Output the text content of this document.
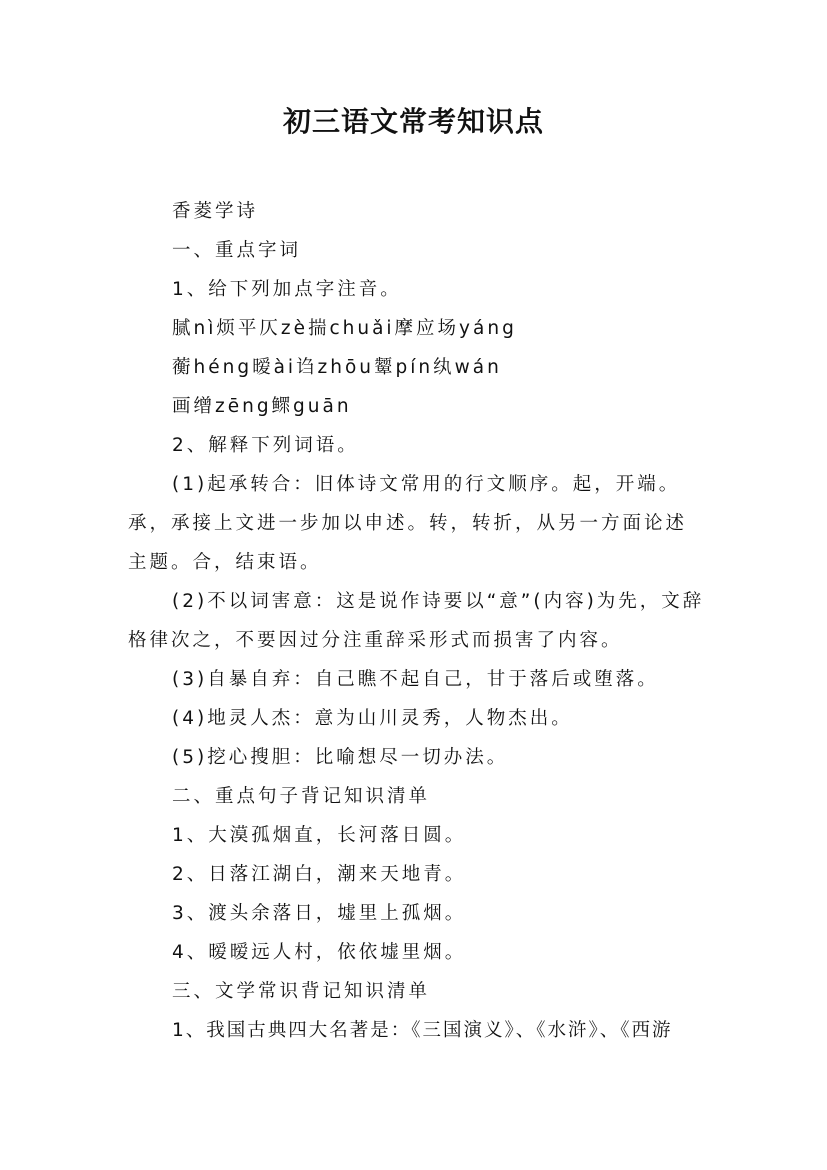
初三语文常考知识点

香菱学诗

一、重点字词

1、给下列加点字注音。

腻nì烦平仄zè揣chuǎi摩应场yáng

蘅héng暧ài诌zhōu颦pín纨wán

画缯zēng鳏guān

2、解释下列词语。

(1)起承转合：旧体诗文常用的行文顺序。起，开端。承，承接上文进一步加以申述。转，转折，从另一方面论述主题。合，结束语。

(2)不以词害意：这是说作诗要以“意”(内容)为先，文辞格律次之，不要因过分注重辞采形式而损害了内容。

(3)自暴自弃：自己瞧不起自己，甘于落后或堕落。

(4)地灵人杰：意为山川灵秀，人物杰出。

(5)挖心搜胆：比喻想尽一切办法。

二、重点句子背记知识清单

1、大漠孤烟直，长河落日圆。

2、日落江湖白，潮来天地青。

3、渡头余落日，墟里上孤烟。

4、暧暧远人村，依依墟里烟。

三、文学常识背记知识清单

1、我国古典四大名著是：《三国演义》、《水浒》、《西游
